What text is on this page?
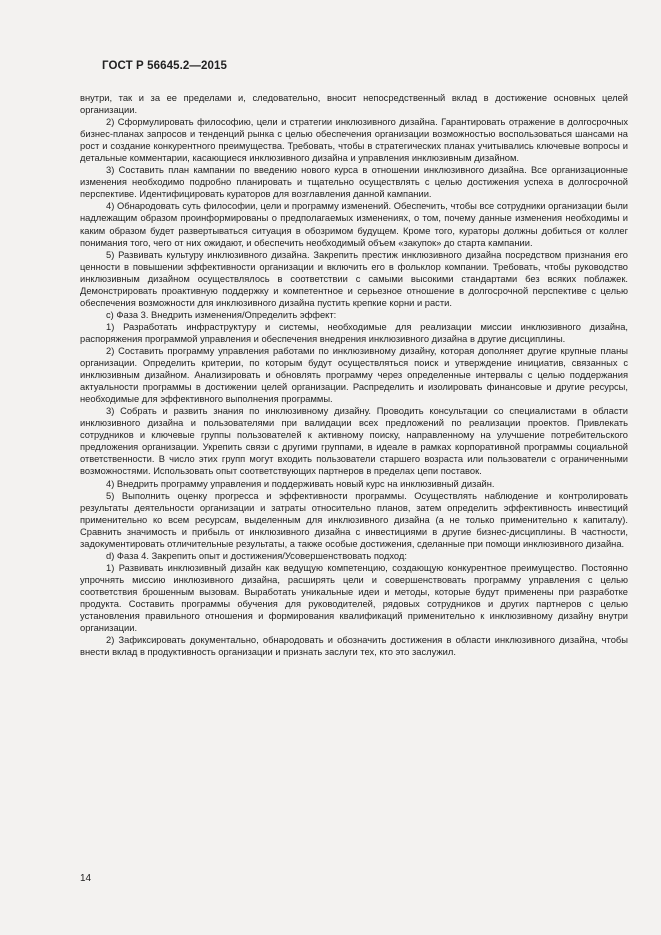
ГОСТ Р 56645.2—2015

внутри, так и за ее пределами и, следовательно, вносит непосредственный вклад в достижение основных целей организации.

2) Сформулировать философию, цели и стратегии инклюзивного дизайна. Гарантировать отражение в долгосрочных бизнес-планах запросов и тенденций рынка с целью обеспечения организации возможностью воспользоваться шансами на рост и создание конкурентного преимущества. Требовать, чтобы в стратегических планах учитывались ключевые вопросы и детальные комментарии, касающиеся инклюзивного дизайна и управления инклюзивным дизайном.

3) Составить план кампании по введению нового курса в отношении инклюзивного дизайна. Все организационные изменения необходимо подробно планировать и тщательно осуществлять с целью достижения успеха в долгосрочной перспективе. Идентифицировать кураторов для возглавления данной кампании.

4) Обнародовать суть философии, цели и программу изменений. Обеспечить, чтобы все сотрудники организации были надлежащим образом проинформированы о предполагаемых изменениях, о том, почему данные изменения необходимы и каким образом будет развертываться ситуация в обозримом будущем. Кроме того, кураторы должны добиться от коллег понимания того, чего от них ожидают, и обеспечить необходимый объем «закупок» до старта кампании.

5) Развивать культуру инклюзивного дизайна. Закрепить престиж инклюзивного дизайна посредством признания его ценности в повышении эффективности организации и включить его в фольклор компании. Требовать, чтобы руководство инклюзивным дизайном осуществлялось в соответствии с самыми высокими стандартами без всяких поблажек. Демонстрировать проактивную поддержку и компетентное и серьезное отношение в долгосрочной перспективе с целью обеспечения возможности для инклюзивного дизайна пустить крепкие корни и расти.

c) Фаза 3. Внедрить изменения/Определить эффект:

1) Разработать инфраструктуру и системы, необходимые для реализации миссии инклюзивного дизайна, распоряжения программой управления и обеспечения внедрения инклюзивного дизайна в другие дисциплины.

2) Составить программу управления работами по инклюзивному дизайну, которая дополняет другие крупные планы организации. Определить критерии, по которым будут осуществляться поиск и утверждение инициатив, связанных с инклюзивным дизайном. Анализировать и обновлять программу через определенные интервалы с целью поддержания актуальности программы в достижении целей организации. Распределить и изолировать финансовые и другие ресурсы, необходимые для эффективного выполнения программы.

3) Собрать и развить знания по инклюзивному дизайну. Проводить консультации со специалистами в области инклюзивного дизайна и пользователями при валидации всех предложений по реализации проектов. Привлекать сотрудников и ключевые группы пользователей к активному поиску, направленному на улучшение потребительского предложения организации. Укрепить связи с другими группами, в идеале в рамках корпоративной программы социальной ответственности. В число этих групп могут входить пользователи старшего возраста или пользователи с ограниченными возможностями. Использовать опыт соответствующих партнеров в пределах цепи поставок.

4) Внедрить программу управления и поддерживать новый курс на инклюзивный дизайн.

5) Выполнить оценку прогресса и эффективности программы. Осуществлять наблюдение и контролировать результаты деятельности организации и затраты относительно планов, затем определить эффективность инвестиций применительно ко всем ресурсам, выделенным для инклюзивного дизайна (а не только применительно к капиталу). Сравнить значимость и прибыль от инклюзивного дизайна с инвестициями в другие бизнес-дисциплины. В частности, задокументировать отличительные результаты, а также особые достижения, сделанные при помощи инклюзивного дизайна.

d) Фаза 4. Закрепить опыт и достижения/Усовершенствовать подход:

1) Развивать инклюзивный дизайн как ведущую компетенцию, создающую конкурентное преимущество. Постоянно упрочнять миссию инклюзивного дизайна, расширять цели и совершенствовать программу управления с целью соответствия брошенным вызовам. Выработать уникальные идеи и методы, которые будут применены при разработке продукта. Составить программы обучения для руководителей, рядовых сотрудников и других партнеров с целью установления правильного отношения и формирования квалификаций применительно к инклюзивному дизайну внутри организации.

2) Зафиксировать документально, обнародовать и обозначить достижения в области инклюзивного дизайна, чтобы внести вклад в продуктивность организации и признать заслуги тех, кто это заслужил.

14
